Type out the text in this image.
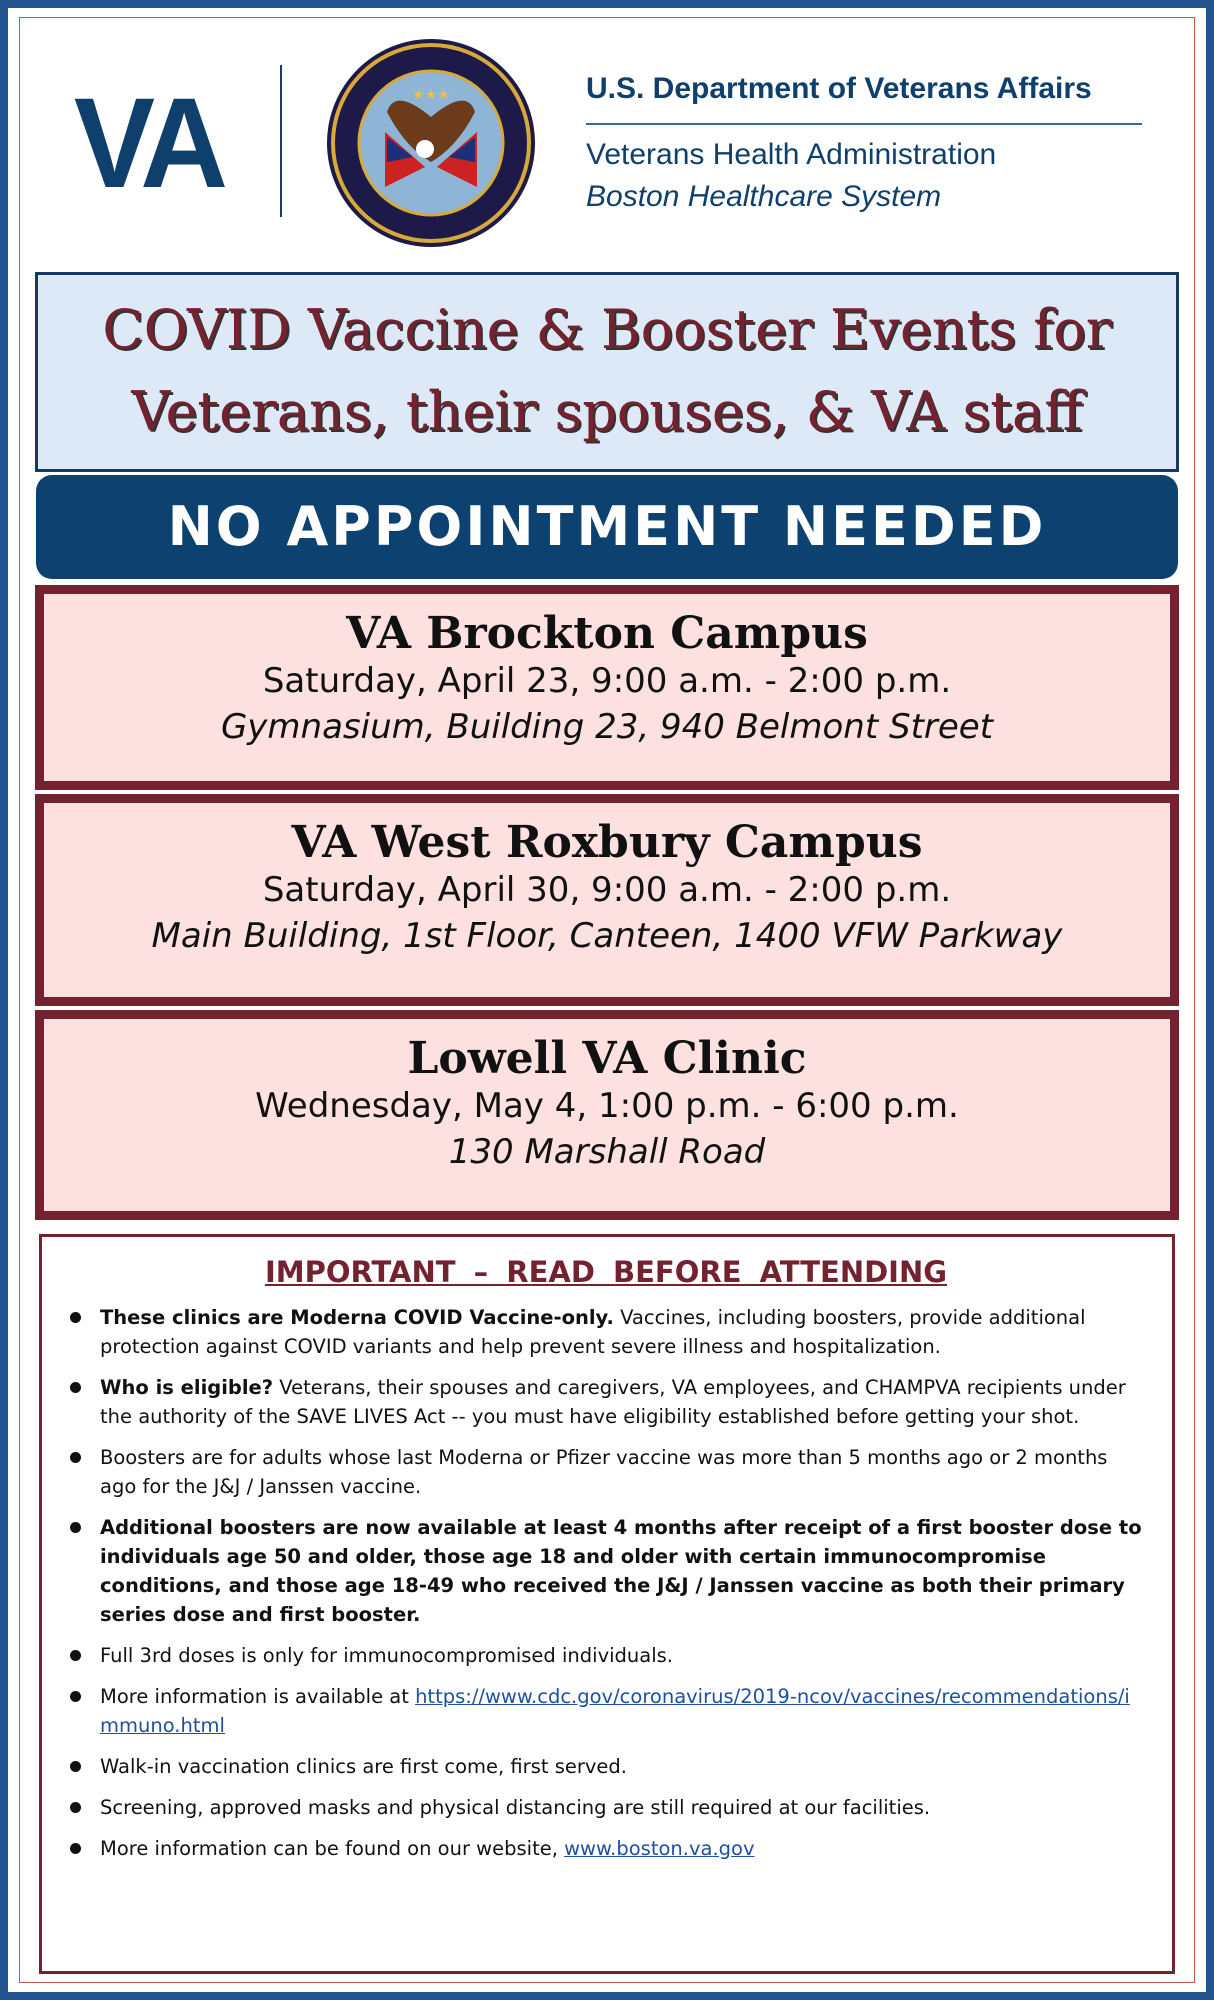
VA	★★★	U.S. Department of Veterans Affairs
Veterans Health Administration
Boston Healthcare System
COVID Vaccine & Booster Events for
Veterans, their spouses, & VA staff
NO APPOINTMENT NEEDED
VA Brockton Campus
Saturday, April 23, 9:00 a.m. - 2:00 p.m.
Gymnasium, Building 23, 940 Belmont Street
VA West Roxbury Campus
Saturday, April 30, 9:00 a.m. - 2:00 p.m.
Main Building, 1st Floor, Canteen, 1400 VFW Parkway
Lowell VA Clinic
Wednesday, May 4, 1:00 p.m. - 6:00 p.m.
130 Marshall Road
IMPORTANT – READ BEFORE ATTENDING
These clinics are Moderna COVID Vaccine-only. Vaccines, including boosters, provide additional protection against COVID variants and help prevent severe illness and hospitalization.
Who is eligible? Veterans, their spouses and caregivers, VA employees, and CHAMPVA recipients under the authority of the SAVE LIVES Act -- you must have eligibility established before getting your shot.
Boosters are for adults whose last Moderna or Pfizer vaccine was more than 5 months ago or 2 months ago for the J&J / Janssen vaccine.
Additional boosters are now available at least 4 months after receipt of a first booster dose to individuals age 50 and older, those age 18 and older with certain immunocompromise conditions, and those age 18-49 who received the J&J / Janssen vaccine as both their primary series dose and first booster.
Full 3rd doses is only for immunocompromised individuals.
More information is available at https://www.cdc.gov/coronavirus/2019-ncov/vaccines/recommendations/immuno.html
Walk-in vaccination clinics are first come, first served.
Screening, approved masks and physical distancing are still required at our facilities.
More information can be found on our website, www.boston.va.gov
